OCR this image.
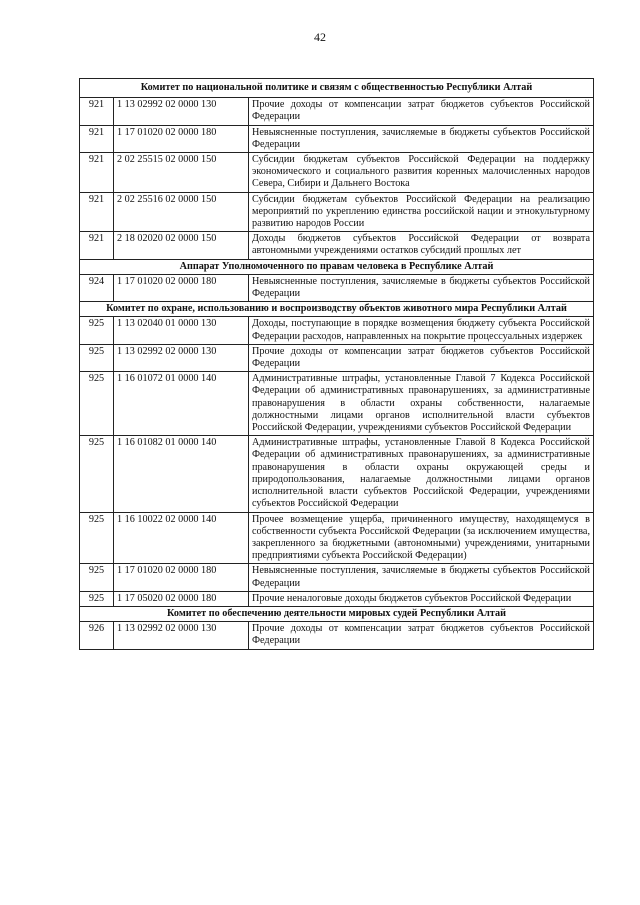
42
Комитет по национальной политике и связям с общественностью Республики Алтай		
921	1 13 02992 02 0000 130	Прочие доходы от компенсации затрат бюджетов субъектов Российской Федерации
921	1 17 01020 02 0000 180	Невыясненные поступления, зачисляемые в бюджеты субъектов Российской Федерации
921	2 02 25515 02 0000 150	Субсидии бюджетам субъектов Российской Федерации на поддержку экономического и социального развития коренных малочисленных народов Севера, Сибири и Дальнего Востока
921	2 02 25516 02 0000 150	Субсидии бюджетам субъектов Российской Федерации на реализацию мероприятий по укреплению единства российской нации и этнокультурному развитию народов России
921	2 18 02020 02 0000 150	Доходы бюджетов субъектов Российской Федерации от возврата автономными учреждениями остатков субсидий прошлых лет
Аппарат Уполномоченного по правам человека в Республике Алтай		
924	1 17 01020 02 0000 180	Невыясненные поступления, зачисляемые в бюджеты субъектов Российской Федерации
Комитет по охране, использованию и воспроизводству объектов животного мира Республики Алтай		
925	1 13 02040 01 0000 130	Доходы, поступающие в порядке возмещения бюджету субъекта Российской Федерации расходов, направленных на покрытие процессуальных издержек
925	1 13 02992 02 0000 130	Прочие доходы от компенсации затрат бюджетов субъектов Российской Федерации
925	1 16 01072 01 0000 140	Административные штрафы, установленные Главой 7 Кодекса Российской Федерации об административных правонарушениях, за административные правонарушения в области охраны собственности, налагаемые должностными лицами органов исполнительной власти субъектов Российской Федерации, учреждениями субъектов Российской Федерации
925	1 16 01082 01 0000 140	Административные штрафы, установленные Главой 8 Кодекса Российской Федерации об административных правонарушениях, за административные правонарушения в области охраны окружающей среды и природопользования, налагаемые должностными лицами органов исполнительной власти субъектов Российской Федерации, учреждениями субъектов Российской Федерации
925	1 16 10022 02 0000 140	Прочее возмещение ущерба, причиненного имуществу, находящемуся в собственности субъекта Российской Федерации (за исключением имущества, закрепленного за бюджетными (автономными) учреждениями, унитарными предприятиями субъекта Российской Федерации)
925	1 17 01020 02 0000 180	Невыясненные поступления, зачисляемые в бюджеты субъектов Российской Федерации
925	1 17 05020 02 0000 180	Прочие неналоговые доходы бюджетов субъектов Российской Федерации
Комитет по обеспечению деятельности мировых судей Республики Алтай		
926	1 13 02992 02 0000 130	Прочие доходы от компенсации затрат бюджетов субъектов Российской Федерации
